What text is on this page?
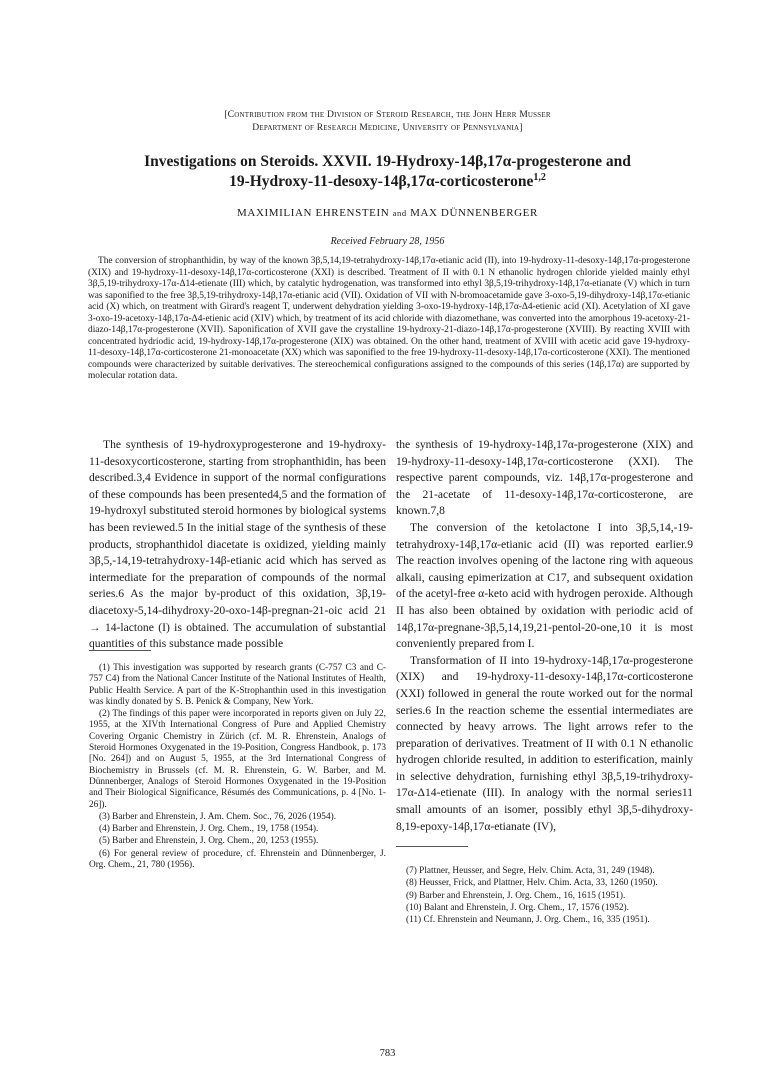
[Contribution from the Division of Steroid Research, the John Herr Musser
Department of Research Medicine, University of Pennsylvania]
Investigations on Steroids. XXVII. 19-Hydroxy-14β,17α-progesterone and
19-Hydroxy-11-desoxy-14β,17α-corticosterone$^{1,2}$
MAXIMILIAN EHRENSTEIN and MAX DÜNNENBERGER
Received February 28, 1956

The conversion of strophanthidin, by way of the known 3β,5,14,19-tetrahydroxy-14β,17α-etianic acid (II), into 19-hydroxy-11-desoxy-14β,17α-progesterone (XIX) and 19-hydroxy-11-desoxy-14β,17α-corticosterone (XXI) is described. Treatment of II with 0.1 N ethanolic hydrogen chloride yielded mainly ethyl 3β,5,19-trihydroxy-17α-Δ14-etienate (III) which, by catalytic hydrogenation, was transformed into ethyl 3β,5,19-trihydroxy-14β,17α-etianate (V) which in turn was saponified to the free 3β,5,19-trihydroxy-14β,17α-etianic acid (VII). Oxidation of VII with N-bromoacetamide gave 3-oxo-5,19-dihydroxy-14β,17α-etianic acid (X) which, on treatment with Girard's reagent T, underwent dehydration yielding 3-oxo-19-hydroxy-14β,17α-Δ4-etienic acid (XI). Acetylation of XI gave 3-oxo-19-acetoxy-14β,17α-Δ4-etienic acid (XIV) which, by treatment of its acid chloride with diazomethane, was converted into the amorphous 19-acetoxy-21-diazo-14β,17α-progesterone (XVII). Saponification of XVII gave the crystalline 19-hydroxy-21-diazo-14β,17α-progesterone (XVIII). By reacting XVIII with concentrated hydriodic acid, 19-hydroxy-14β,17α-progesterone (XIX) was obtained. On the other hand, treatment of XVIII with acetic acid gave 19-hydroxy-11-desoxy-14β,17α-corticosterone 21-monoacetate (XX) which was saponified to the free 19-hydroxy-11-desoxy-14β,17α-corticosterone (XXI). The mentioned compounds were characterized by suitable derivatives. The stereochemical configurations assigned to the compounds of this series (14β,17α) are supported by molecular rotation data.

The synthesis of 19-hydroxyprogesterone and 19-hydroxy-11-desoxycorticosterone, starting from strophanthidin, has been described.3,4 Evidence in support of the normal configurations of these compounds has been presented4,5 and the formation of 19-hydroxyl substituted steroid hormones by biological systems has been reviewed.5 In the initial stage of the synthesis of these products, strophanthidol diacetate is oxidized, yielding mainly 3β,5,-14,19-tetrahydroxy-14β-etianic acid which has served as intermediate for the preparation of compounds of the normal series.6 As the major by-product of this oxidation, 3β,19-diacetoxy-5,14-dihydroxy-20-oxo-14β-pregnan-21-oic acid 21 → 14-lactone (I) is obtained. The accumulation of substantial quantities of this substance made possible

the synthesis of 19-hydroxy-14β,17α-progesterone (XIX) and 19-hydroxy-11-desoxy-14β,17α-corticosterone (XXI). The respective parent compounds, viz. 14β,17α-progesterone and the 21-acetate of 11-desoxy-14β,17α-corticosterone, are known.7,8

The conversion of the ketolactone I into 3β,5,14,-19-tetrahydroxy-14β,17α-etianic acid (II) was reported earlier.9 The reaction involves opening of the lactone ring with aqueous alkali, causing epimerization at C17, and subsequent oxidation of the acetyl-free α-keto acid with hydrogen peroxide. Although II has also been obtained by oxidation with periodic acid of 14β,17α-pregnane-3β,5,14,19,21-pentol-20-one,10 it is most conveniently prepared from I.

Transformation of II into 19-hydroxy-14β,17α-progesterone (XIX) and 19-hydroxy-11-desoxy-14β,17α-corticosterone (XXI) followed in general the route worked out for the normal series.6 In the reaction scheme the essential intermediates are connected by heavy arrows. The light arrows refer to the preparation of derivatives. Treatment of II with 0.1 N ethanolic hydrogen chloride resulted, in addition to esterification, mainly in selective dehydration, furnishing ethyl 3β,5,19-trihydroxy-17α-Δ14-etienate (III). In analogy with the normal series11 small amounts of an isomer, possibly ethyl 3β,5-dihydroxy-8,19-epoxy-14β,17α-etianate (IV),

(1) This investigation was supported by research grants (C-757 C3 and C-757 C4) from the National Cancer Institute of the National Institutes of Health, Public Health Service. A part of the K-Strophanthin used in this investigation was kindly donated by S. B. Penick & Company, New York.

(2) The findings of this paper were incorporated in reports given on July 22, 1955, at the XIVth International Congress of Pure and Applied Chemistry Covering Organic Chemistry in Zürich (cf. M. R. Ehrenstein, Analogs of Steroid Hormones Oxygenated in the 19-Position, Congress Handbook, p. 173 [No. 264]) and on August 5, 1955, at the 3rd International Congress of Biochemistry in Brussels (cf. M. R. Ehrenstein, G. W. Barber, and M. Dünnenberger, Analogs of Steroid Hormones Oxygenated in the 19-Position and Their Biological Significance, Résumés des Communications, p. 4 [No. 1-26]).

(3) Barber and Ehrenstein, J. Am. Chem. Soc., 76, 2026 (1954).

(4) Barber and Ehrenstein, J. Org. Chem., 19, 1758 (1954).

(5) Barber and Ehrenstein, J. Org. Chem., 20, 1253 (1955).

(6) For general review of procedure, cf. Ehrenstein and Dünnenberger, J. Org. Chem., 21, 780 (1956).

(7) Plattner, Heusser, and Segre, Helv. Chim. Acta, 31, 249 (1948).

(8) Heusser, Frick, and Plattner, Helv. Chim. Acta, 33, 1260 (1950).

(9) Barber and Ehrenstein, J. Org. Chem., 16, 1615 (1951).

(10) Balant and Ehrenstein, J. Org. Chem., 17, 1576 (1952).

(11) Cf. Ehrenstein and Neumann, J. Org. Chem., 16, 335 (1951).

783
